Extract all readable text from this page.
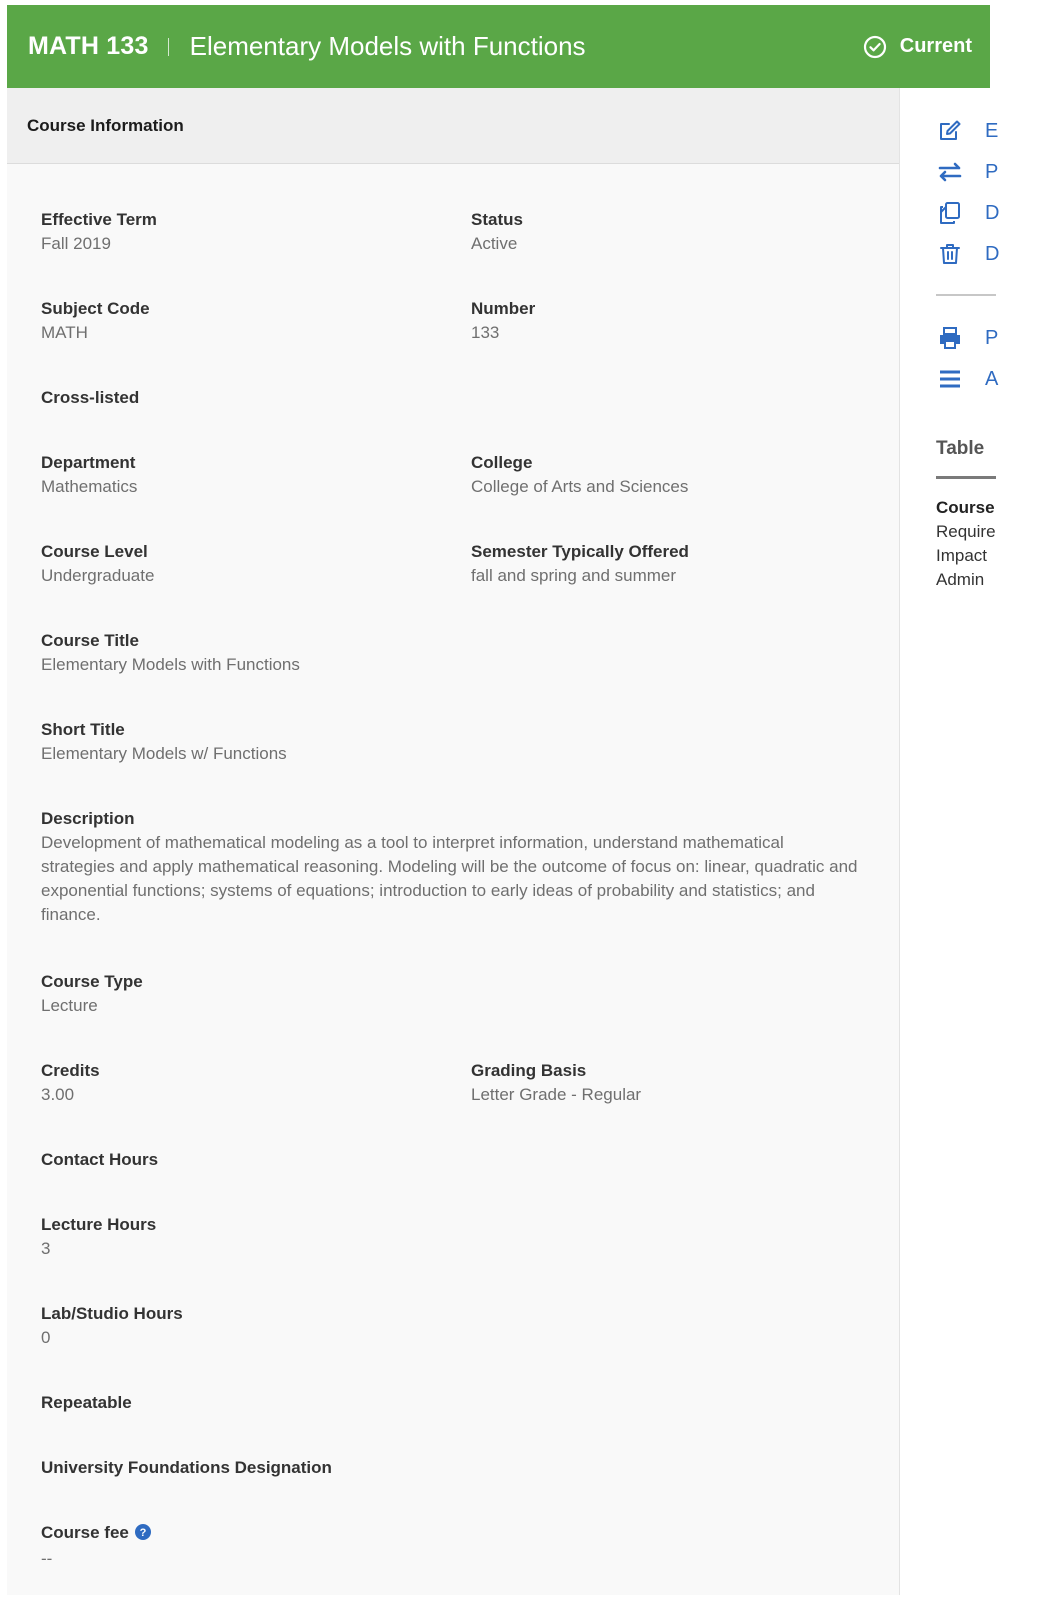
MATH 133 Elementary Models with Functions	Current
Course Information
Effective Term
Fall 2019
Status
Active
Subject Code
MATH
Number
133
Cross-listed
Department
Mathematics
College
College of Arts and Sciences
Course Level
Undergraduate
Semester Typically Offered
fall and spring and summer
Course Title
Elementary Models with Functions
Short Title
Elementary Models w/ Functions
Description
Development of mathematical modeling as a tool to interpret information, understand mathematical strategies and apply mathematical reasoning. Modeling will be the outcome of focus on: linear, quadratic and exponential functions; systems of equations; introduction to early ideas of probability and statistics; and finance.
Course Type
Lecture
Credits
3.00
Grading Basis
Letter Grade - Regular
Contact Hours
Lecture Hours
3
Lab/Studio Hours
0
Repeatable
University Foundations Designation
Course fee ?
--
E
P
D
D
P
A
Table
Course
Require
Impact
Admin
